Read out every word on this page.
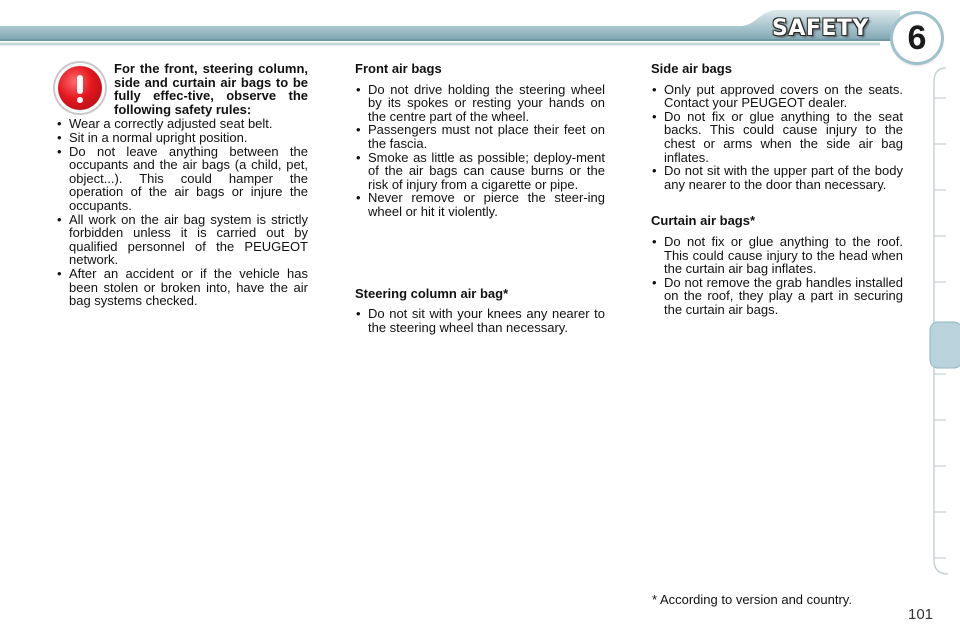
SAFETY	6
For the front, steering column, side and curtain air bags to be fully effec-tive, observe the following safety rules:
• Wear a correctly adjusted seat belt.
• Sit in a normal upright position.
• Do not leave anything between the occupants and the air bags (a child, pet, object...). This could hamper the operation of the air bags or injure the occupants.
• All work on the air bag system is strictly forbidden unless it is carried out by qualified personnel of the PEUGEOT network.
• After an accident or if the vehicle has been stolen or broken into, have the air bag systems checked.
Front air bags
• Do not drive holding the steering wheel by its spokes or resting your hands on the centre part of the wheel.
• Passengers must not place their feet on the fascia.
• Smoke as little as possible; deploy-ment of the air bags can cause burns or the risk of injury from a cigarette or pipe.
• Never remove or pierce the steer-ing wheel or hit it violently.
Steering column air bag*
• Do not sit with your knees any nearer to the steering wheel than necessary.
Side air bags
• Only put approved covers on the seats. Contact your PEUGEOT dealer.
• Do not fix or glue anything to the seat backs. This could cause injury to the chest or arms when the side air bag inflates.
• Do not sit with the upper part of the body any nearer to the door than necessary.
Curtain air bags*
• Do not fix or glue anything to the roof. This could cause injury to the head when the curtain air bag inflates.
• Do not remove the grab handles installed on the roof, they play a part in securing the curtain air bags.
* According to version and country.
101
